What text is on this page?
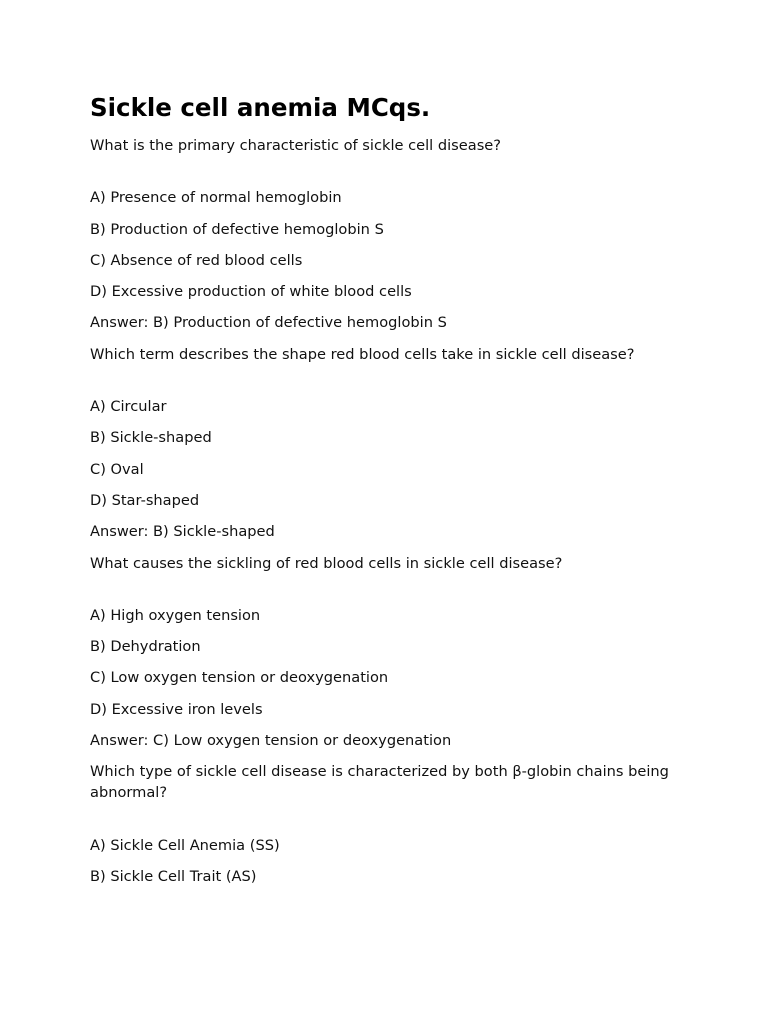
Sickle cell anemia MCqs.

What is the primary characteristic of sickle cell disease?

A) Presence of normal hemoglobin

B) Production of defective hemoglobin S

C) Absence of red blood cells

D) Excessive production of white blood cells

Answer: B) Production of defective hemoglobin S

Which term describes the shape red blood cells take in sickle cell disease?

A) Circular

B) Sickle-shaped

C) Oval

D) Star-shaped

Answer: B) Sickle-shaped

What causes the sickling of red blood cells in sickle cell disease?

A) High oxygen tension

B) Dehydration

C) Low oxygen tension or deoxygenation

D) Excessive iron levels

Answer: C) Low oxygen tension or deoxygenation

Which type of sickle cell disease is characterized by both β-globin chains being abnormal?

A) Sickle Cell Anemia (SS)

B) Sickle Cell Trait (AS)
